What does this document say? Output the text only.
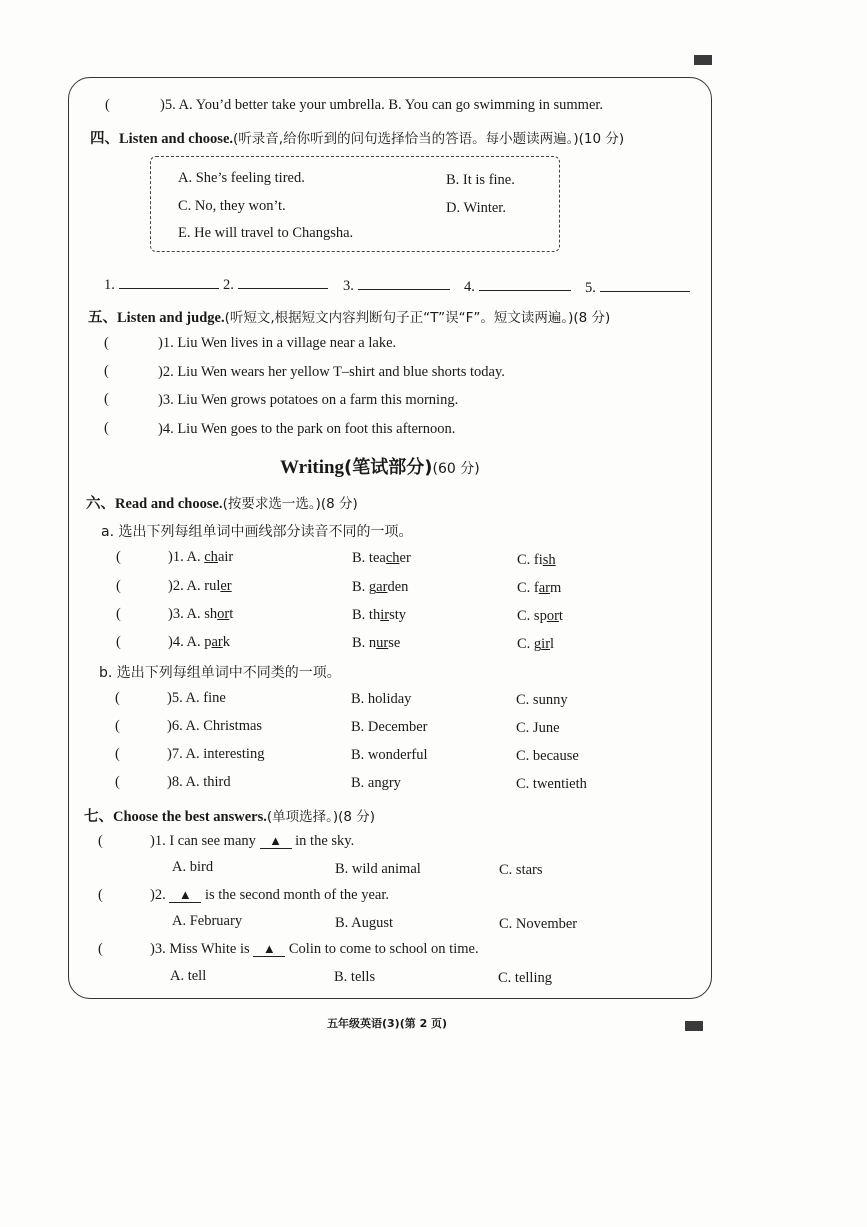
(	)5. A. You’d better take your umbrella. B. You can go swimming in summer.
四、Listen and choose.(听录音,给你听到的问句选择恰当的答语。每小题读两遍。)(10 分)
A. She’s feeling tired.	B. It is fine.
C. No, they won’t.	D. Winter.
E. He will travel to Changsha.
1.	2.	3.	4.	5.
五、Listen and judge.(听短文,根据短文内容判断句子正“T”误“F”。短文读两遍。)(8 分)
(	)1. Liu Wen lives in a village near a lake.
(	)2. Liu Wen wears her yellow T–shirt and blue shorts today.
(	)3. Liu Wen grows potatoes on a farm this morning.
(	)4. Liu Wen goes to the park on foot this afternoon.
Writing(笔试部分)(60 分)
六、Read and choose.(按要求选一选。)(8 分)
a. 选出下列每组单词中画线部分读音不同的一项。
b. 选出下列每组单词中不同类的一项。
(	)1. A. chair	B. teacher	C. fish
(	)2. A. ruler	B. garden	C. farm
(	)3. A. short	B. thirsty	C. sport
(	)4. A. park	B. nurse	C. girl
(	)5. A. fine	B. holiday	C. sunny
(	)6. A. Christmas	B. December	C. June
(	)7. A. interesting	B. wonderful	C. because
(	)8. A. third	B. angry	C. twentieth
七、Choose the best answers.(单项选择。)(8 分)
(	)1. I can see many ▲ in the sky.
A. bird	B. wild animal	C. stars
(	)2. ▲ is the second month of the year.
A. February	B. August	C. November
(	)3. Miss White is ▲ Colin to come to school on time.
A. tell	B. tells	C. telling
五年级英语(3)(第 2 页)
